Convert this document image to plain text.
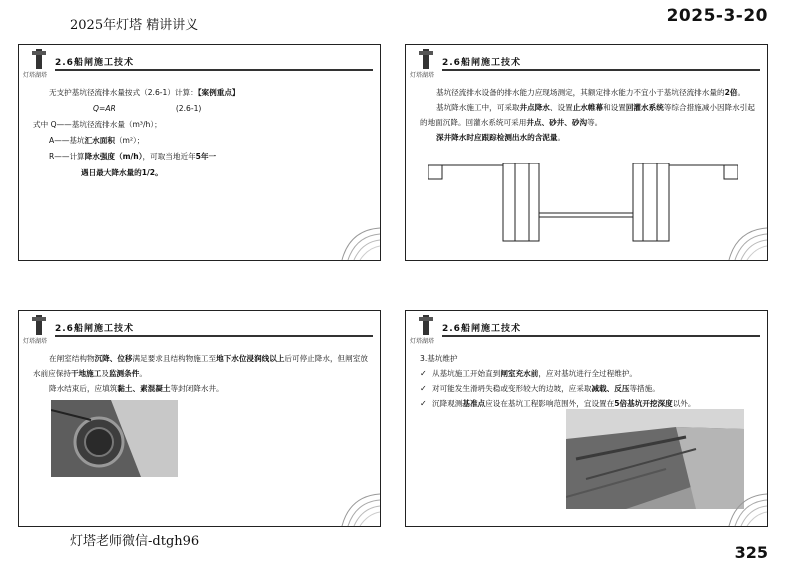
2025年灯塔 精讲讲义	2025-3-20
灯塔湖塔
2.6船闸施工技术

无支护基坑径流排水量按式（2.6-1）计算：【案例重点】

Q=AR	(2.6-1)

式中 Q——基坑径流排水量（m³/h）；

A——基坑汇水面积（m²）；

R——计算降水强度（m/h），可取当地近年5年一

遇日最大降水量的1/2。

灯塔湖塔
2.6船闸施工技术

基坑径流排水设备的排水能力应现场测定，其额定排水能力不宜小于基坑径流排水量的2倍。

基坑降水施工中，可采取井点降水、设置止水帷幕和设置回灌水系统等综合措施减小因降水引起的地面沉降。回灌水系统可采用井点、砂井、砂沟等。

深井降水时应跟踪检测出水的含泥量。

灯塔湖塔
2.6船闸施工技术

在闸室结构物沉降、位移满足要求且结构物施工至地下水位浸润线以上后可停止降水，但闸室放水前应保持干地施工及监测条件。

降水结束后，应填筑黏土、素混凝土等封闭降水井。

灯塔湖塔
2.6船闸施工技术

3.基坑维护

✓ 从基坑施工开始直到闸室充水前，应对基坑进行全过程维护。
✓ 对可能发生滑坍失稳或变形较大的边坡，应采取减载、反压等措施。
✓ 沉降观测基准点应设在基坑工程影响范围外，宜设置在5倍基坑开挖深度以外。
灯塔老师微信-dtgh96
325
